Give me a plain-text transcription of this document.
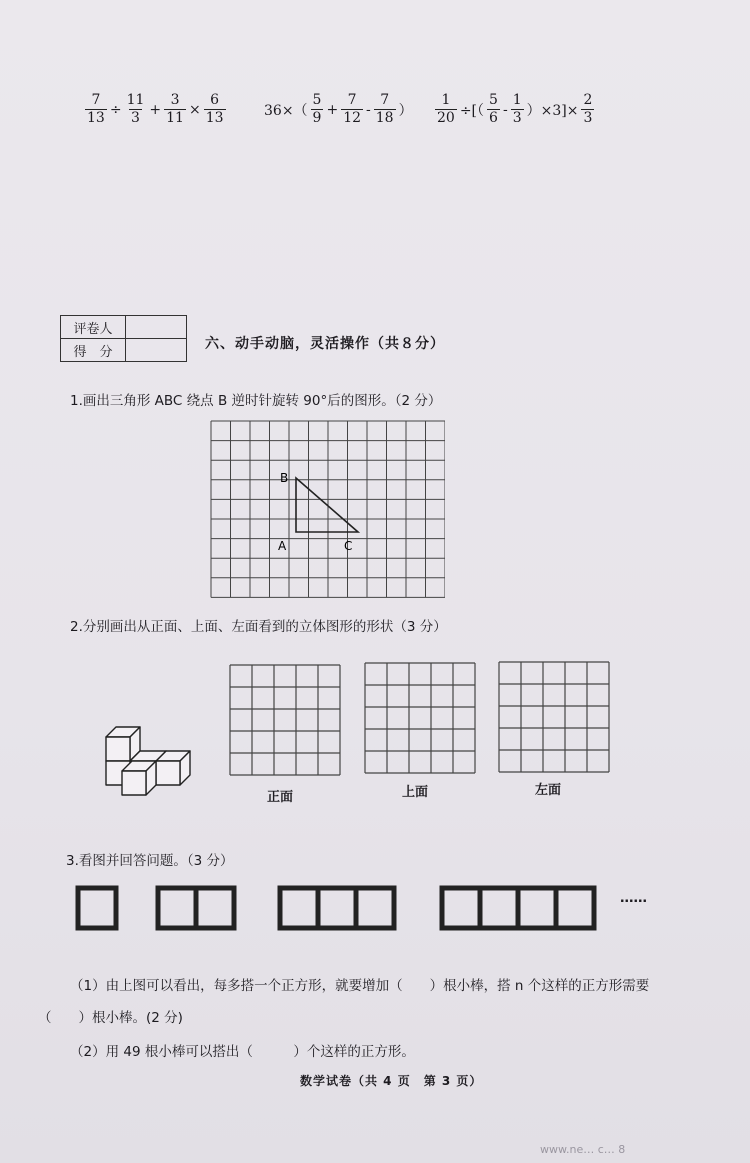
$\frac{7}{13} \div \frac{11}{3} + \frac{3}{11} \times \frac{6}{13}$	$36\times( \frac{5}{9} + \frac{7}{12} - \frac{7}{18}$ ） $\frac{1}{20}$ ÷[（ $\frac{5}{6} - \frac{1}{3} )\times 3]\times \frac{2}{3}$
评卷人	
得　分		六、动手动脑，灵活操作（共８分）
1.画出三角形 ABC 绕点 B 逆时针旋转 90°后的图形。（2 分）
B
A	C
2.分别画出从正面、上面、左面看到的立体图形的形状（3 分）
正面	上面	左面
3.看图并回答问题。（3 分）
……
（1）由上图可以看出，每多搭一个正方形，就要增加（　　）根小棒，搭 n 个这样的正方形需要
（　　）根小棒。(2 分)
（2）用 49 根小棒可以搭出（　　　）个这样的正方形。
数学试卷（共 4 页　第 3 页）
www.ne… c… 8
